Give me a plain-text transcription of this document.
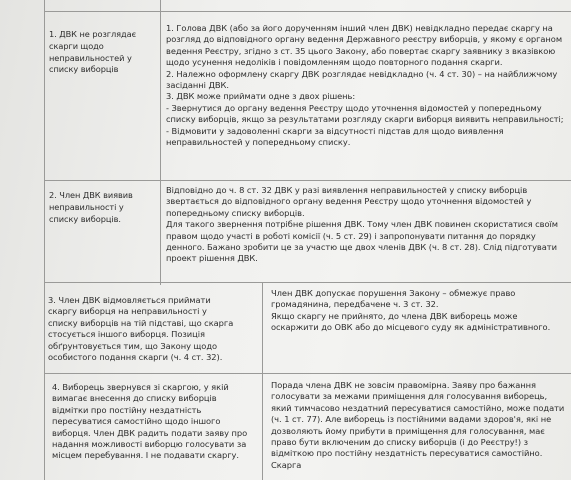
1. ДВК не розглядає скарги щодо неправильностей у списку виборців

1. Голова ДВК (або за його дорученням інший член ДВК) невідкладно передає скаргу на розгляд до відповідного органу ведення Державного реєстру виборців, у якому є органом ведення Реєстру, згідно з ст. 35 цього Закону, або повертає скаргу заявнику з вказівкою щодо усунення недоліків і повідомленням щодо повторного подання скарги.

2. Належно оформлену скаргу ДВК розглядає невідкладно (ч. 4 ст. 30) – на найближчому засіданні ДВК.

3. ДВК може приймати одне з двох рішень:

- Звернутися до органу ведення Реєстру щодо уточнення відомостей у попередньому списку виборців, якщо за результатами розгляду скарги виборця виявить неправильності;

- Відмовити у задоволенні скарги за відсутності підстав для щодо виявлення неправильностей у попередньому списку.

2. Член ДВК виявив неправильності у списку виборців.

Відповідно до ч. 8 ст. 32 ДВК у разі виявлення неправильностей у списку виборців звертається до відповідного органу ведення Реєстру щодо уточнення відомостей у попередньому списку виборців.

Для такого звернення потрібне рішення ДВК. Тому член ДВК повинен скористатися своїм правом щодо участі в роботі комісії (ч. 5 ст. 29) і запропонувати питання до порядку денного. Бажано зробити це за участю ще двох членів ДВК (ч. 8 ст. 28). Слід підготувати проект рішення ДВК.

3. Член ДВК відмовляється приймати скаргу виборця на неправильності у списку виборців на тій підставі, що скарга стосується іншого виборця. Позиція обґрунтовується тим, що Закону щодо особистого подання скарги (ч. 4 ст. 32).

Член ДВК допускає порушення Закону – обмежує право громадянина, передбачене ч. 3 ст. 32.

Якщо скаргу не прийнято, до члена ДВК виборець може оскаржити до ОВК або до місцевого суду як адміністративного.

4. Виборець звернувся зі скаргою, у якій вимагає внесення до списку виборців відмітки про постійну нездатність пересуватися самостійно щодо іншого виборця. Член ДВК радить подати заяву про надання можливості виборцю голосувати за місцем перебування. І не подавати скаргу.

Порада члена ДВК не зовсім правомірна. Заяву про бажання голосувати за межами приміщення для голосування виборець, який тимчасово нездатний пересуватися самостійно, може подати (ч. 1 ст. 77). Але виборець із постійними вадами здоров'я, які не дозволяють йому прибути в приміщення для голосування, має право бути включеним до списку виборців (і до Реєстру!) з відміткою про постійну нездатність пересуватися самостійно. Скарга
